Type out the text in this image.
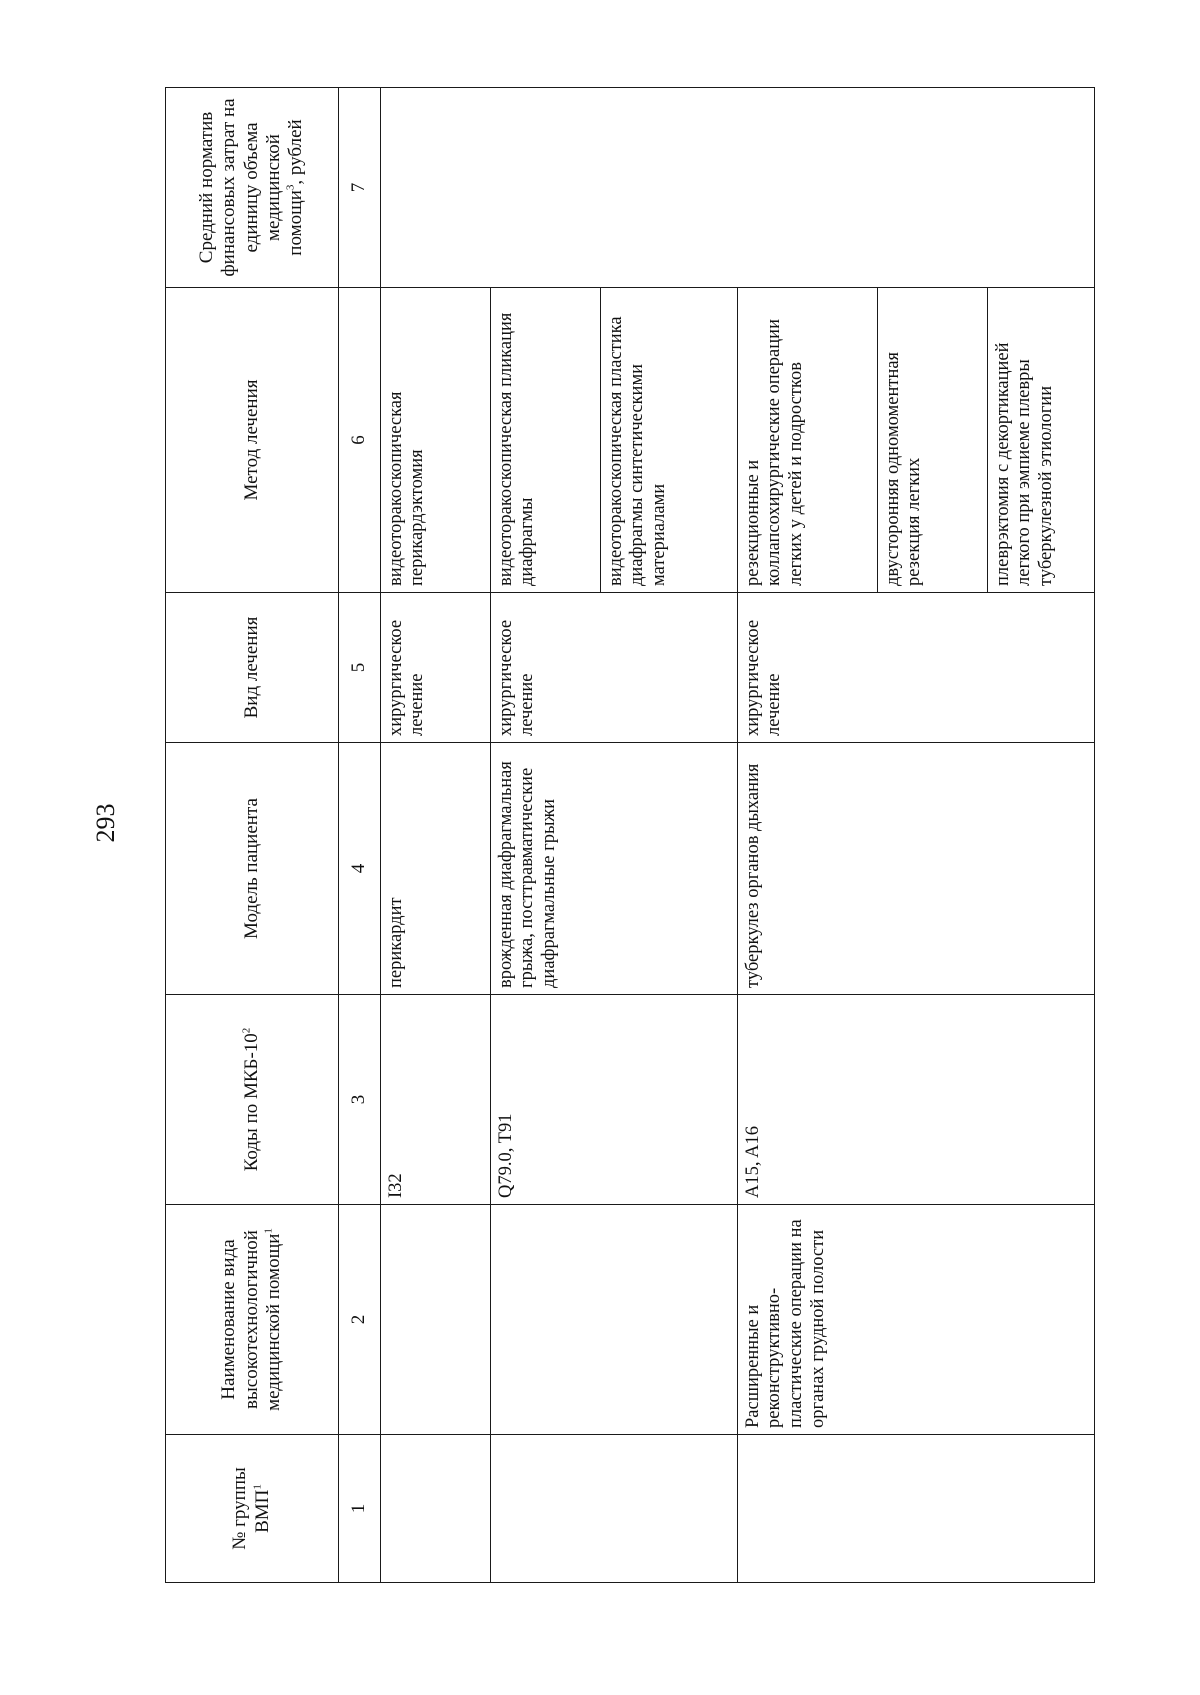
293
№ группы ВМП$^1$	Наименование вида высокотехнологичной медицинской помощи$^1$	Коды по МКБ-$10^2$	Модель пациента	Вид лечения	Метод лечения	Средний норматив финансовых затрат на единицу объема медицинской помощи$^3$, рублей
1	2	3	4	5	6	7
		I32	перикардит	хирургическое лечение	видеоторакоскопическая перикардэктомия	
		Q79.0, T91	врожденная диафрагмальная грыжа, посттравматические диафрагмальные грыжи	хирургическое лечение	видеоторакоскопическая пликация диафрагмы	
					видеоторакоскопическая пластика диафрагмы синтетическими материалами	
	Расширенные и реконструктивно-пластические операции на органах грудной полости	A15, A16	туберкулез органов дыхания	хирургическое лечение	резекционные и коллапсохирургические операции легких у детей и подростков	
					двусторонняя одномоментная резекция легких	
					плеврэктомия с декортикацией легкого при эмпиеме плевры туберкулезной этиологии	
